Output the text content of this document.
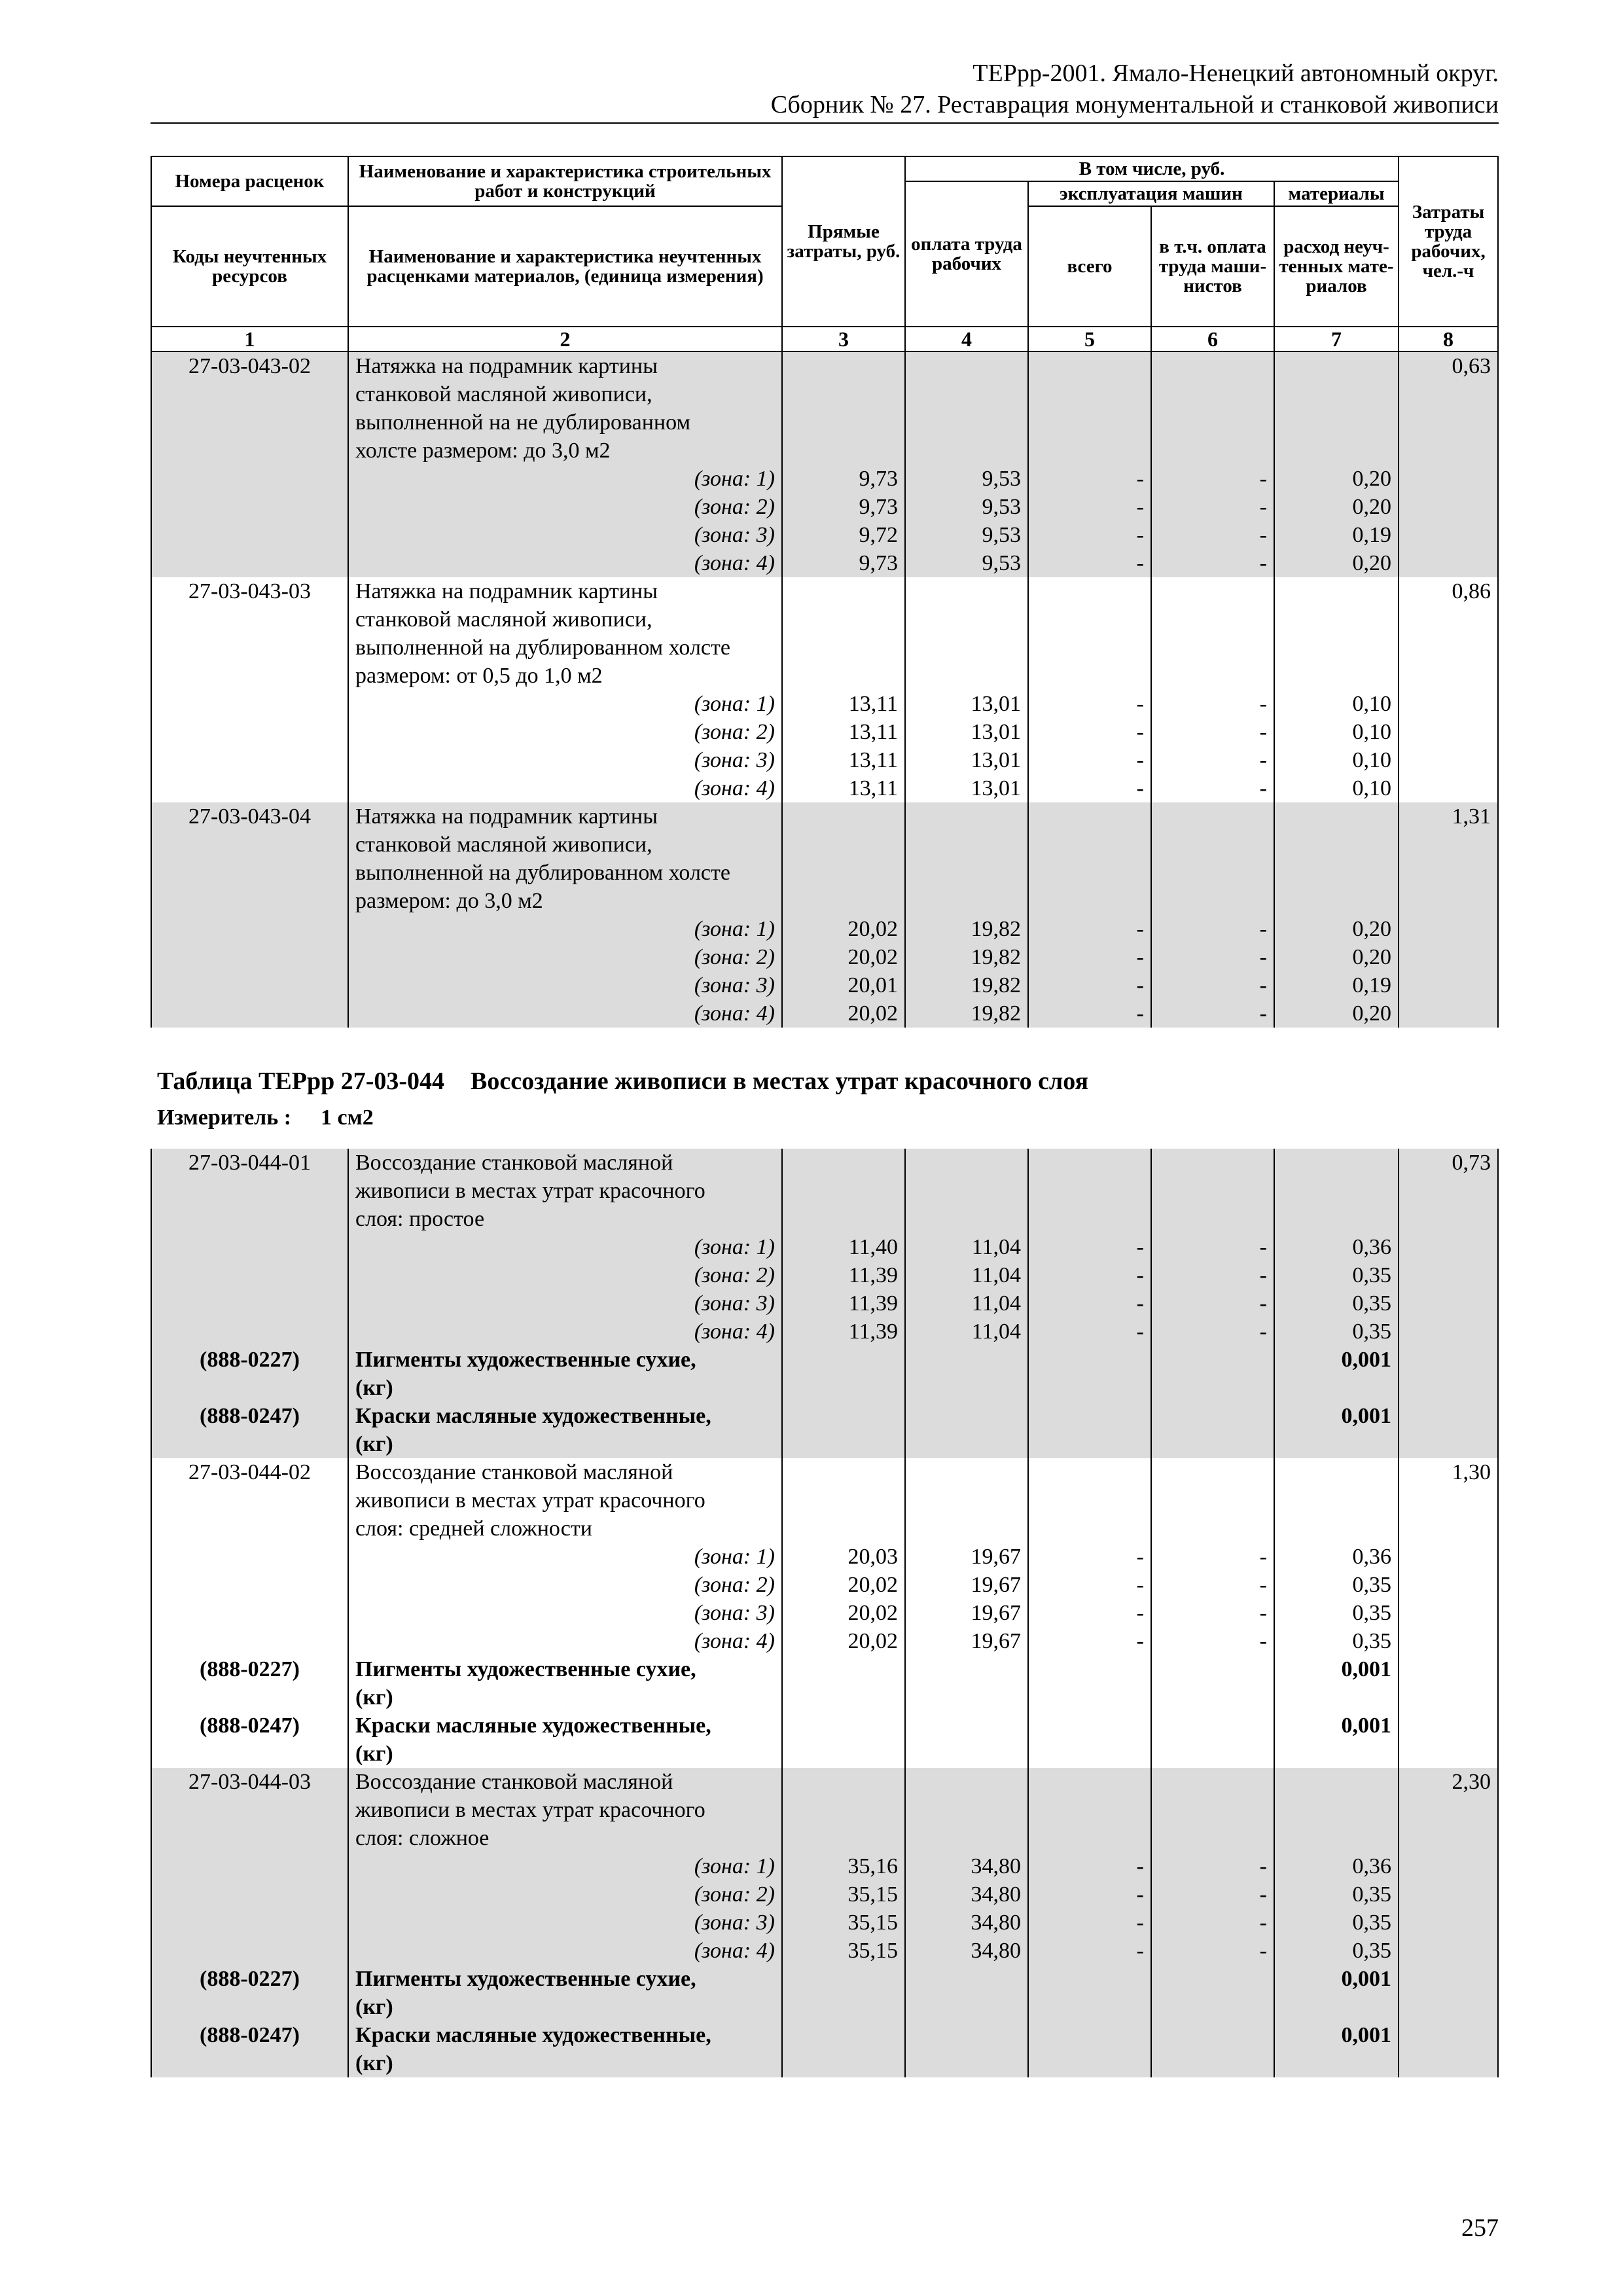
ТЕРрр-2001. Ямало-Ненецкий автономный округ.
Сборник № 27. Реставрация монументальной и станковой живописи
Номера расценок	Наименование и характеристика строительных работ и конструкций	Прямые затраты, руб.	В том числе, руб.				Затраты труда рабочих, чел.-ч
			оплата труда рабочих	эксплуатация машин		материалы	
Коды неучтенных ресурсов	Наименование и характеристика неучтенных расценками материалов, (единица измерения)			всего	в т.ч. оплата труда маши-нистов	расход неуч-тенных мате-риалов	

1	2	3	4	5	6	7	8
27-03-043-02	Натяжка на подрамник картины						0,63
	станковой масляной живописи,						
	выполненной на не дублированном						
	холсте размером: до 3,0 м2						
	(зона: 1)	9,73	9,53	-	-	0,20	
	(зона: 2)	9,73	9,53	-	-	0,20	
	(зона: 3)	9,72	9,53	-	-	0,19	
	(зона: 4)	9,73	9,53	-	-	0,20	
27-03-043-03	Натяжка на подрамник картины						0,86
	станковой масляной живописи,						
	выполненной на дублированном холсте						
	размером: от 0,5 до 1,0 м2						
	(зона: 1)	13,11	13,01	-	-	0,10	
	(зона: 2)	13,11	13,01	-	-	0,10	
	(зона: 3)	13,11	13,01	-	-	0,10	
	(зона: 4)	13,11	13,01	-	-	0,10	
27-03-043-04	Натяжка на подрамник картины						1,31
	станковой масляной живописи,						
	выполненной на дублированном холсте						
	размером: до 3,0 м2						
	(зона: 1)	20,02	19,82	-	-	0,20	
	(зона: 2)	20,02	19,82	-	-	0,20	
	(зона: 3)	20,01	19,82	-	-	0,19	
	(зона: 4)	20,02	19,82	-	-	0,20	
Таблица ТЕРрр 27-03-044 Воссоздание живописи в местах утрат красочного слоя
Измеритель : 1 см2
27-03-044-01	Воссоздание станковой масляной						0,73
	живописи в местах утрат красочного						
	слоя: простое						
	(зона: 1)	11,40	11,04	-	-	0,36	
	(зона: 2)	11,39	11,04	-	-	0,35	
	(зона: 3)	11,39	11,04	-	-	0,35	
	(зона: 4)	11,39	11,04	-	-	0,35	
(888-0227)	Пигменты художественные сухие,					0,001	
	(кг)						
(888-0247)	Краски масляные художественные,					0,001	
	(кг)						
27-03-044-02	Воссоздание станковой масляной						1,30
	живописи в местах утрат красочного						
	слоя: средней сложности						
	(зона: 1)	20,03	19,67	-	-	0,36	
	(зона: 2)	20,02	19,67	-	-	0,35	
	(зона: 3)	20,02	19,67	-	-	0,35	
	(зона: 4)	20,02	19,67	-	-	0,35	
(888-0227)	Пигменты художественные сухие,					0,001	
	(кг)						
(888-0247)	Краски масляные художественные,					0,001	
	(кг)						
27-03-044-03	Воссоздание станковой масляной						2,30
	живописи в местах утрат красочного						
	слоя: сложное						
	(зона: 1)	35,16	34,80	-	-	0,36	
	(зона: 2)	35,15	34,80	-	-	0,35	
	(зона: 3)	35,15	34,80	-	-	0,35	
	(зона: 4)	35,15	34,80	-	-	0,35	
(888-0227)	Пигменты художественные сухие,					0,001	
	(кг)						
(888-0247)	Краски масляные художественные,					0,001	
	(кг)						
257
